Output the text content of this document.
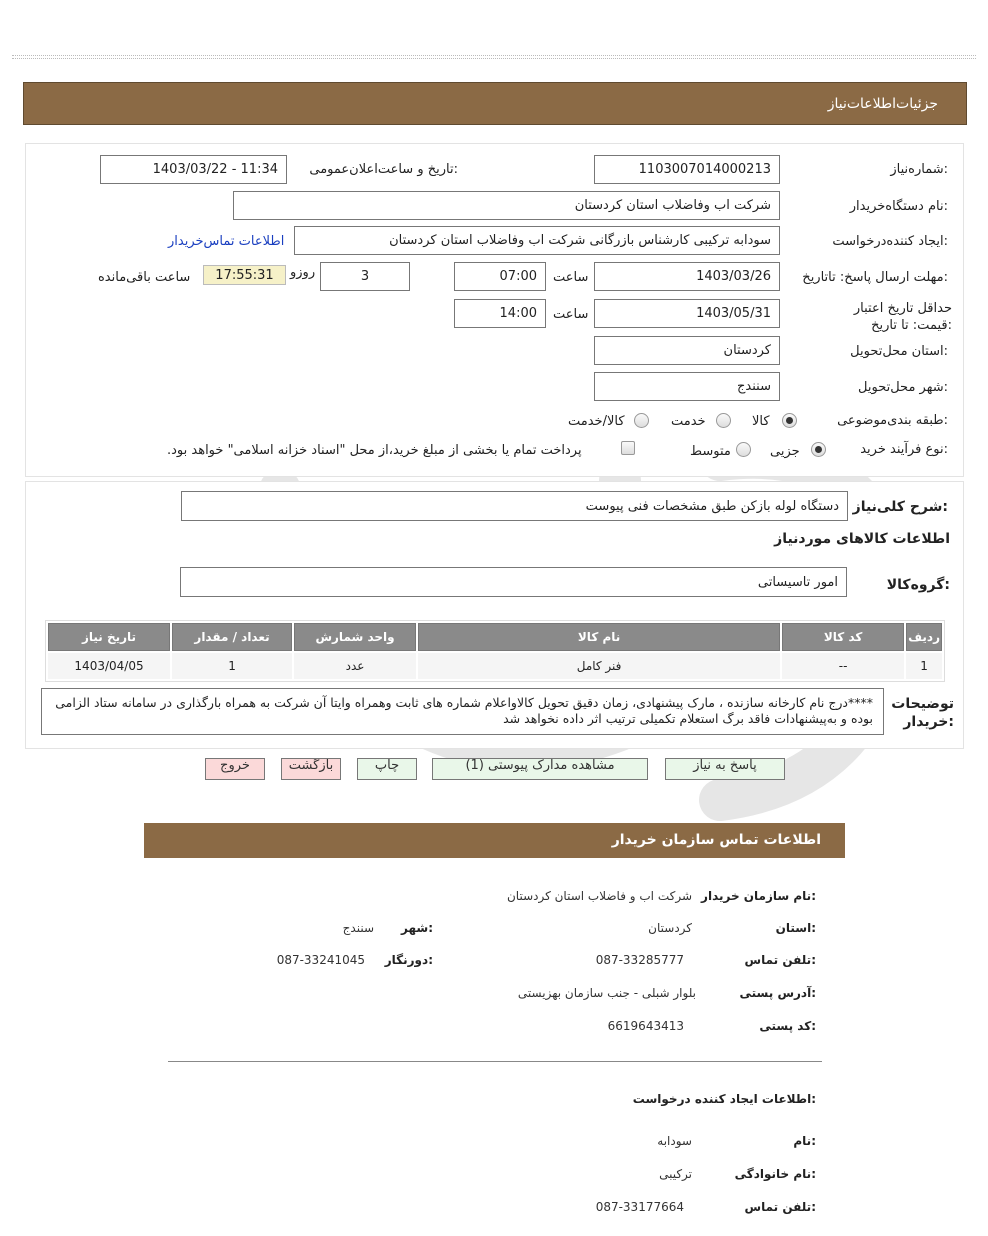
جزئیات‌اطلاعات‌نیاز
شماره‌نیاز:
1103007014000213
تاریخ و ساعت‌اعلان‌عمومی:
1403/03/22 - 11:34
نام دستگاه‌خریدار:
شرکت اب وفاضلاب استان کردستان
ایجاد کننده‌درخواست:
سودابه ترکیبی کارشناس بازرگانی شرکت اب وفاضلاب استان کردستان
اطلاعات تماس‌خریدار
مهلت ارسال پاسخ: تاتاریخ:
1403/03/26
ساعت
07:00
3
روزو
17:55:31
ساعت باقی‌مانده
حداقل تاریخ اعتبار قیمت: تا تاریخ:
1403/05/31
ساعت
14:00
استان محل‌تحویل:
کردستان
شهر محل‌تحویل:
سنندج
طبقه بندی‌موضوعی:
کالا
خدمت
کالا/خدمت
نوع فرآیند خرید:
جزیی
متوسط
پرداخت تمام یا بخشی از مبلغ خرید،از محل "اسناد خزانه اسلامی" خواهد بود.
شرح کلی‌نیاز:
دستگاه لوله بازکن طبق مشخصات فنی پیوست
اطلاعات کالاهای موردنیاز
گروه‌کالا:
امور تاسیساتی
ردیف	کد کالا	نام کالا	واحد شمارش	تعداد / مقدار	تاریخ نیاز
1	--	فنر کامل	عدد	1	1403/04/05
توضیحات خریدار:
****درج نام کارخانه سازنده ، مارک پیشنهادی، زمان دقیق تحویل کالاواعلام شماره های ثابت وهمراه وایتا آن شرکت به همراه بارگذاری در سامانه ستاد الزامی بوده و به‌پیشنهادات فاقد برگ استعلام تکمیلی ترتیب اثر داده نخواهد شد
پاسخ به نیاز
مشاهده مدارک پیوستی (1)
چاپ
بازگشت
خروج
اطلاعات تماس سازمان خریدار
نام سازمان خریدار:
شرکت اب و فاضلاب استان کردستان
استان:
کردستان
شهر:
سنندج
تلفن تماس:
087-33285777
دورنگار:
087-33241045
آدرس پستی:
بلوار شبلی - جنب سازمان بهزیستی
کد پستی:
6619643413
اطلاعات ایجاد کننده درخواست:
نام:
سودابه
نام خانوادگی:
ترکیبی
تلفن تماس:
087-33177664
